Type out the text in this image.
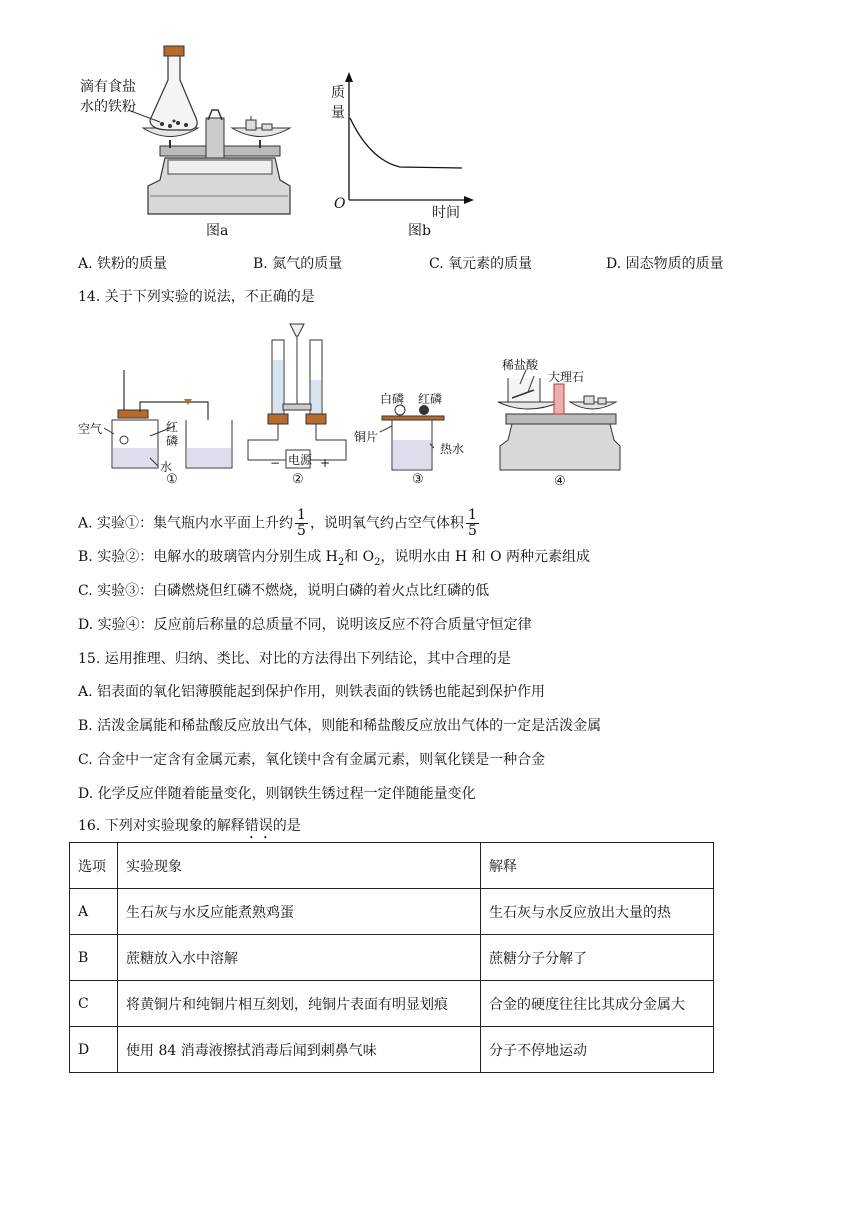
滴有食盐
水的铁粉
图a
质
量
O
时间
图b
A. 铁粉的质量	B. 氮气的质量	C. 氧元素的质量	D. 固态物质的质量
14. 关于下列实验的说法，不正确的是
空气	红
磷
水	电源
−	+
白磷 红磷
铜片
热水
稀盐酸
大理石
①	②	③	④
A. 实验①：集气瓶内水平面上升约 $\frac{1}{5}$ ，说明氧气约占空气体积 $\frac{1}{5}$
B. 实验②：电解水的玻璃管内分别生成 $H_2$和 $O_2$，说明水由 H 和 O 两种元素组成
C. 实验③：白磷燃烧但红磷不燃烧，说明白磷的着火点比红磷的低
D. 实验④：反应前后称量的总质量不同，说明该反应不符合质量守恒定律
15. 运用推理、归纳、类比、对比的方法得出下列结论，其中合理的是
A. 铝表面的氧化铝薄膜能起到保护作用，则铁表面的铁锈也能起到保护作用
B. 活泼金属能和稀盐酸反应放出气体，则能和稀盐酸反应放出气体的一定是活泼金属
C. 合金中一定含有金属元素，氧化镁中含有金属元素，则氧化镁是一种合金
D. 化学反应伴随着能量变化，则钢铁生锈过程一定伴随能量变化
16. 下列对实验现象的解释错误的是
选项	实验现象	解释
A	生石灰与水反应能煮熟鸡蛋	生石灰与水反应放出大量的热
B	蔗糖放入水中溶解	蔗糖分子分解了
C	将黄铜片和纯铜片相互刻划，纯铜片表面有明显划痕	合金的硬度往往比其成分金属大
D	使用 84 消毒液擦拭消毒后闻到刺鼻气味	分子不停地运动
